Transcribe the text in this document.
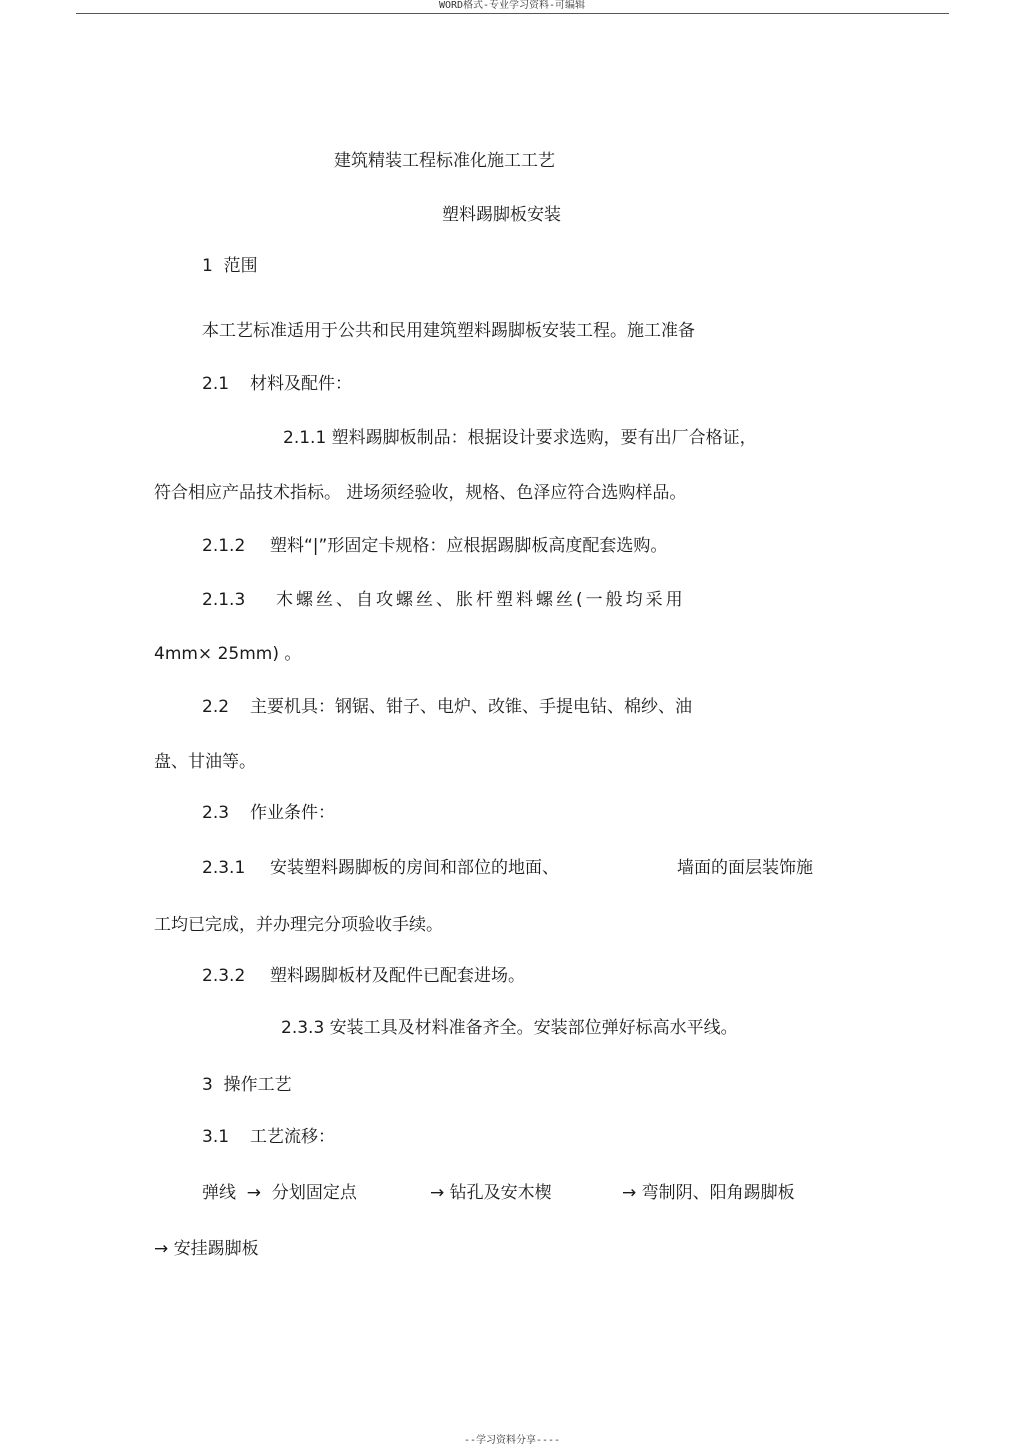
WORD格式-专业学习资料-可编辑
建筑精装工程标准化施工工艺
塑料踢脚板安装
1  范围
本工艺标准适用于公共和民用建筑塑料踢脚板安装工程。施工准备
2.1 材料及配件：
2.1.1 塑料踢脚板制品：根据设计要求选购，要有出厂合格证，
符合相应产品技术指标。 进场须经验收，规格、色泽应符合选购样品。
2.1.2 塑料“|”形固定卡规格：应根据踢脚板高度配套选购。
2.1.3 木螺丝、自攻螺丝、胀杆塑料螺丝(一般均采用
4mm× 25mm) 。
2.2 主要机具：钢锯、钳子、电炉、改锥、手提电钻、棉纱、油
盘、甘油等。
2.3 作业条件：
2.3.1 安装塑料踢脚板的房间和部位的地面、	墙面的面层装饰施
工均已完成，并办理完分项验收手续。
2.3.2 塑料踢脚板材及配件已配套进场。
2.3.3 安装工具及材料准备齐全。安装部位弹好标高水平线。
3  操作工艺
3.1 工艺流移：
弹线  →  分划固定点	→ 钻孔及安木楔	→ 弯制阴、阳角踢脚板
→ 安挂踢脚板
--学习资料分享----
